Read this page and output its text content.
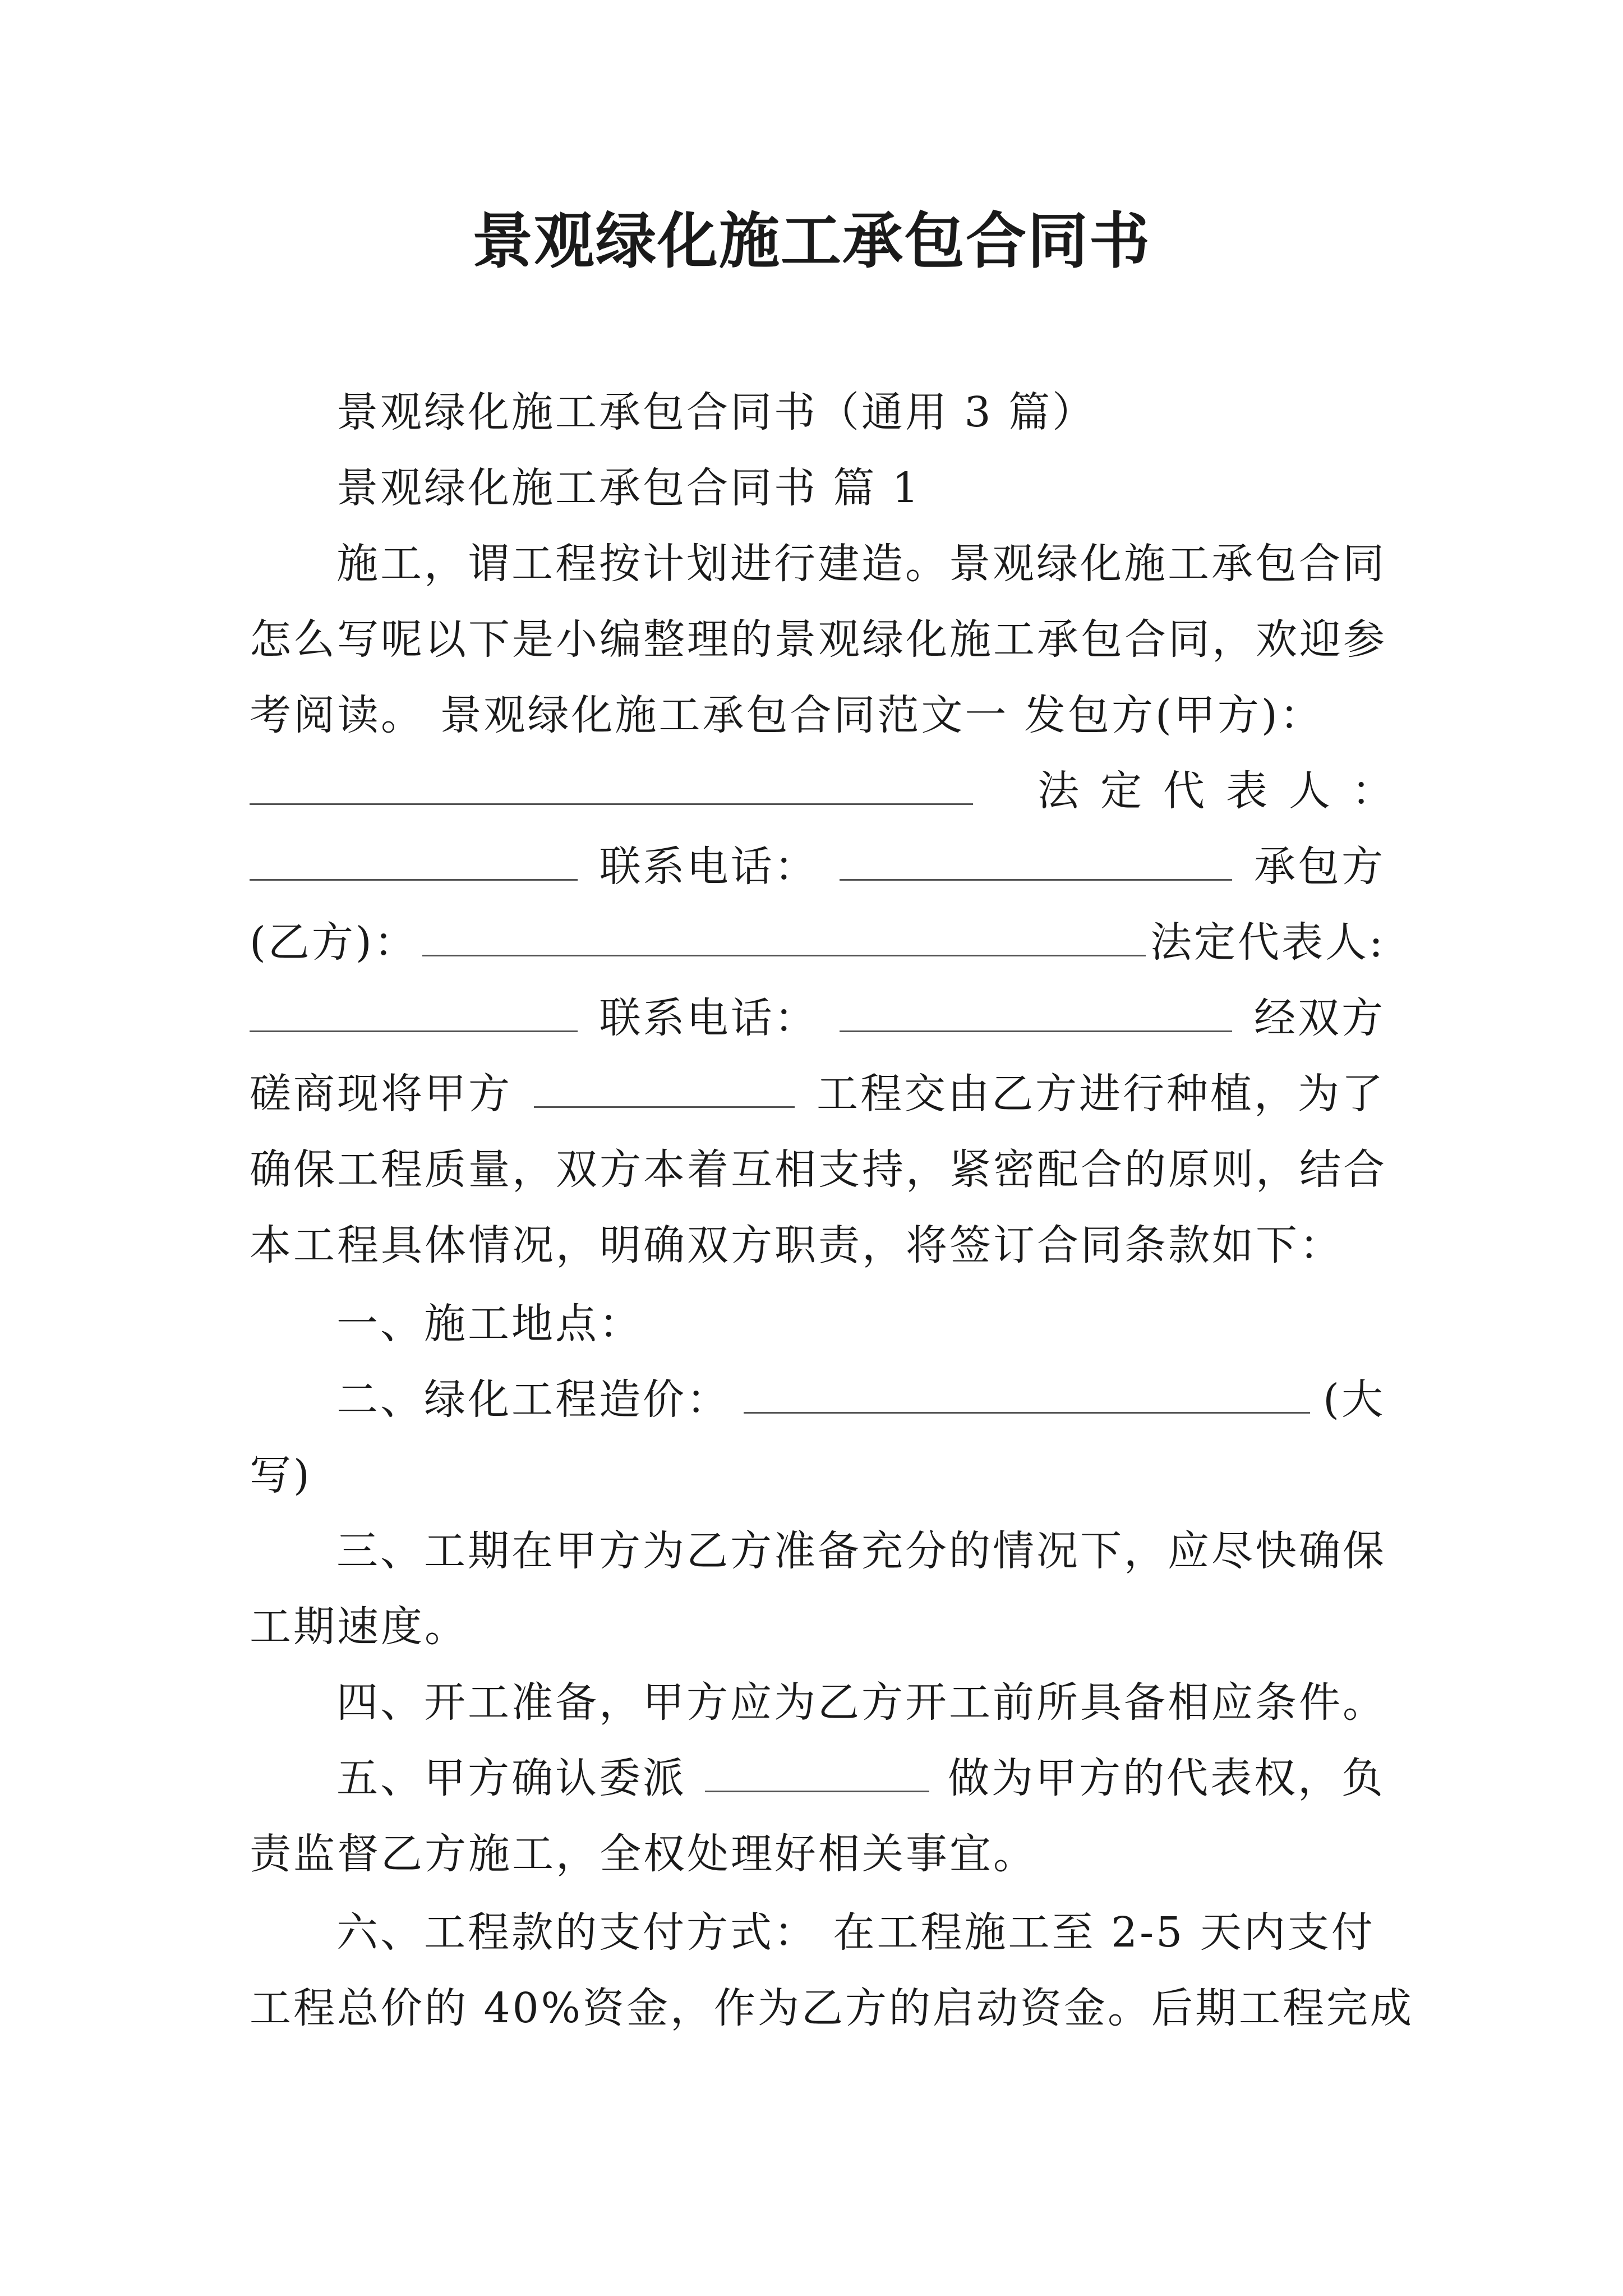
景观绿化施工承包合同书
景观绿化施工承包合同书（通用 3 篇）
景观绿化施工承包合同书 篇 1
施工，谓工程按计划进行建造。景观绿化施工承包合同
怎么写呢以下是小编整理的景观绿化施工承包合同，欢迎参
考阅读。 景观绿化施工承包合同范文一 发包方(甲方)：
法定代表人：
联系电话：	承包方
(乙方)：	法定代表人:
联系电话：	经双方
磋商现将甲方	工程交由乙方进行种植，为了
确保工程质量，双方本着互相支持，紧密配合的原则，结合
本工程具体情况，明确双方职责，将签订合同条款如下：
一、施工地点：
二、绿化工程造价：	(大
写)
三、工期在甲方为乙方准备充分的情况下，应尽快确保
工期速度。
四、开工准备，甲方应为乙方开工前所具备相应条件。
五、甲方确认委派	做为甲方的代表权，负
责监督乙方施工，全权处理好相关事宜。
六、工程款的支付方式： 在工程施工至 2-5 天内支付
工程总价的 40%资金，作为乙方的启动资金。后期工程完成
